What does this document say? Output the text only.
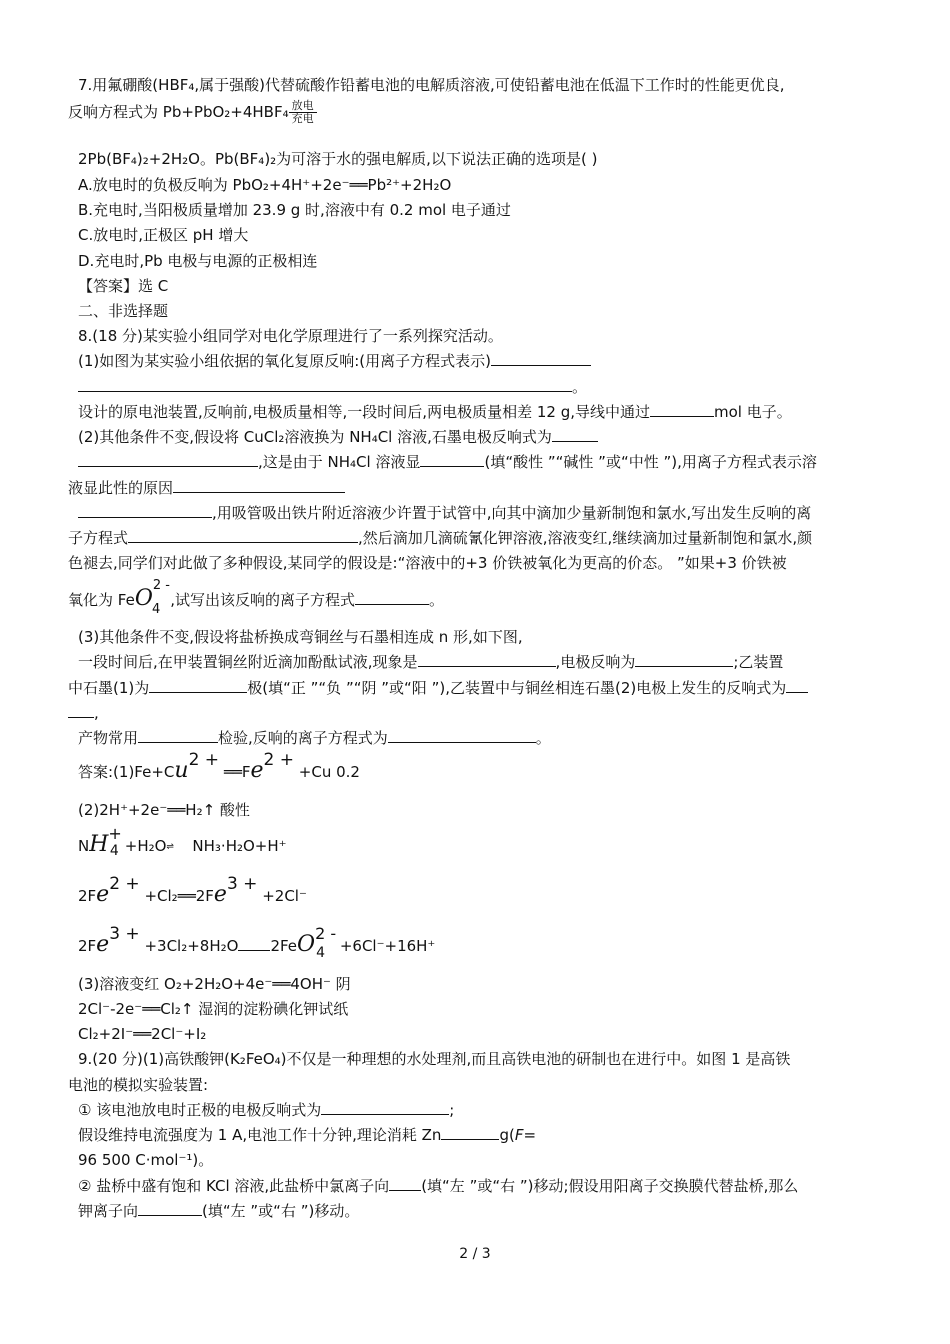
7.用氟硼酸(HBF₄,属于强酸)代替硫酸作铅蓄电池的电解质溶液,可使铅蓄电池在低温下工作时的性能更优良,
反响方程式为 Pb+PbO₂+4HBF₄ 放电
充电
2Pb(BF₄)₂+2H₂O。Pb(BF₄)₂为可溶于水的强电解质,以下说法正确的选项是( )
A.放电时的负极反响为 PbO₂+4H⁺+2e⁻══Pb²⁺+2H₂O
B.充电时,当阳极质量增加 23.9 g 时,溶液中有 0.2 mol 电子通过
C.放电时,正极区 pH 增大
D.充电时,Pb 电极与电源的正极相连
【答案】选 C
二、非选择题
8.(18 分)某实验小组同学对电化学原理进行了一系列探究活动。
(1)如图为某实验小组依据的氧化复原反响:(用离子方程式表示)
。
设计的原电池装置,反响前,电极质量相等,一段时间后,两电极质量相差 12 g,导线中通过	mol 电子。
(2)其他条件不变,假设将 CuCl₂溶液换为 NH₄Cl 溶液,石墨电极反响式为
,这是由于 NH₄Cl 溶液显	(填“酸性 ”“碱性 ”或“中性 ”),用离子方程式表示溶
液显此性的原因
,用吸管吸出铁片附近溶液少许置于试管中,向其中滴加少量新制饱和氯水,写出发生反响的离
子方程式	,然后滴加几滴硫氰化钾溶液,溶液变红,继续滴加过量新制饱和氯水,颜
色褪去,同学们对此做了多种假设,某同学的假设是:“溶液中的+3 价铁被氧化为更高的价态。 ”如果+3 价铁被
氧化为 FeO2 -4,试写出该反响的离子方程式	。
(3)其他条件不变,假设将盐桥换成弯铜丝与石墨相连成 n 形,如下图,
一段时间后,在甲装置铜丝附近滴加酚酞试液,现象是	,电极反响为	;乙装置
中石墨(1)为	极(填“正 ”“负 ”“阴 ”或“阳 ”),乙装置中与铜丝相连石墨(2)电极上发生的反响式为
,
产物常用	检验,反响的离子方程式为	。
答案:(1)Fe+Cu2 + ══Fe2 + +Cu 0.2
(2)2H⁺+2e⁻══H₂↑ 酸性
NH+4 +H₂O⇌ NH₃·H₂O+H⁺
2Fe2 + +Cl₂══2Fe3 + +2Cl⁻
2Fe3 + +3Cl₂+8H₂O 2FeO2 -4 +6Cl⁻+16H⁺
(3)溶液变红 O₂+2H₂O+4e⁻══4OH⁻ 阴
2Cl⁻-2e⁻══Cl₂↑ 湿润的淀粉碘化钾试纸
Cl₂+2I⁻══2Cl⁻+I₂
9.(20 分)(1)高铁酸钾(K₂FeO₄)不仅是一种理想的水处理剂,而且高铁电池的研制也在进行中。如图 1 是高铁
电池的模拟实验装置:
① 该电池放电时正极的电极反响式为	;
假设维持电流强度为 1 A,电池工作十分钟,理论消耗 Zn	g(F=
96 500 C·mol⁻¹)。
② 盐桥中盛有饱和 KCl 溶液,此盐桥中氯离子向 (填“左 ”或“右 ”)移动;假设用阳离子交换膜代替盐桥,那么
钾离子向	(填“左 ”或“右 ”)移动。
2 / 3
